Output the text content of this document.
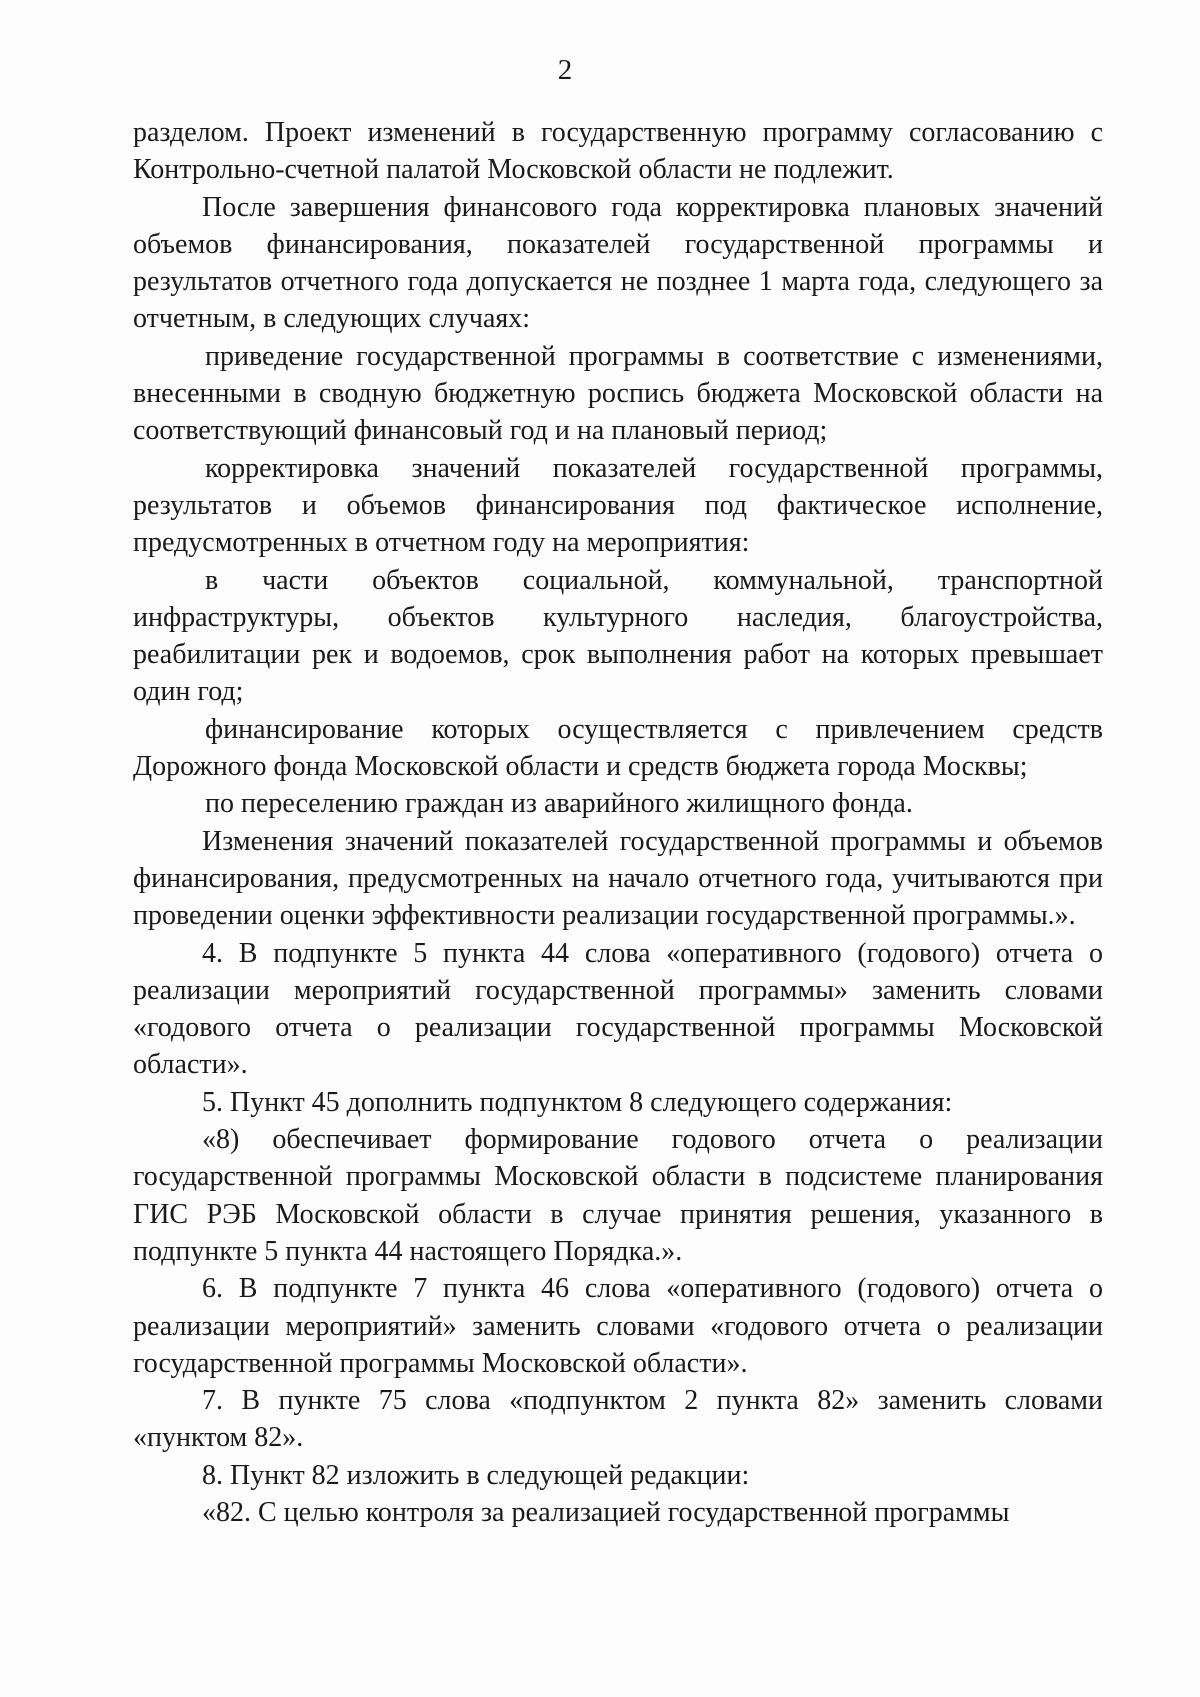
2

разделом. Проект изменений в государственную программу согласованию с Контрольно-счетной палатой Московской области не подлежит.

После завершения финансового года корректировка плановых значений объемов финансирования, показателей государственной программы и результатов отчетного года допускается не позднее 1 марта года, следующего за отчетным, в следующих случаях:

приведение государственной программы в соответствие с изменениями, внесенными в сводную бюджетную роспись бюджета Московской области на соответствующий финансовый год и на плановый период;

корректировка значений показателей государственной программы, результатов и объемов финансирования под фактическое исполнение, предусмотренных в отчетном году на мероприятия:

в части объектов социальной, коммунальной, транспортной инфраструктуры, объектов культурного наследия, благоустройства, реабилитации рек и водоемов, срок выполнения работ на которых превышает один год;

финансирование которых осуществляется с привлечением средств Дорожного фонда Московской области и средств бюджета города Москвы;

по переселению граждан из аварийного жилищного фонда.

Изменения значений показателей государственной программы и объемов финансирования, предусмотренных на начало отчетного года, учитываются при проведении оценки эффективности реализации государственной программы.».

4. В подпункте 5 пункта 44 слова «оперативного (годового) отчета о реализации мероприятий государственной программы» заменить словами «годового отчета о реализации государственной программы Московской области».

5. Пункт 45 дополнить подпунктом 8 следующего содержания:

«8) обеспечивает формирование годового отчета о реализации государственной программы Московской области в подсистеме планирования ГИС РЭБ Московской области в случае принятия решения, указанного в подпункте 5 пункта 44 настоящего Порядка.».

6. В подпункте 7 пункта 46 слова «оперативного (годового) отчета о реализации мероприятий» заменить словами «годового отчета о реализации государственной программы Московской области».

7. В пункте 75 слова «подпунктом 2 пункта 82» заменить словами «пунктом 82».

8. Пункт 82 изложить в следующей редакции:

«82. С целью контроля за реализацией государственной программы
